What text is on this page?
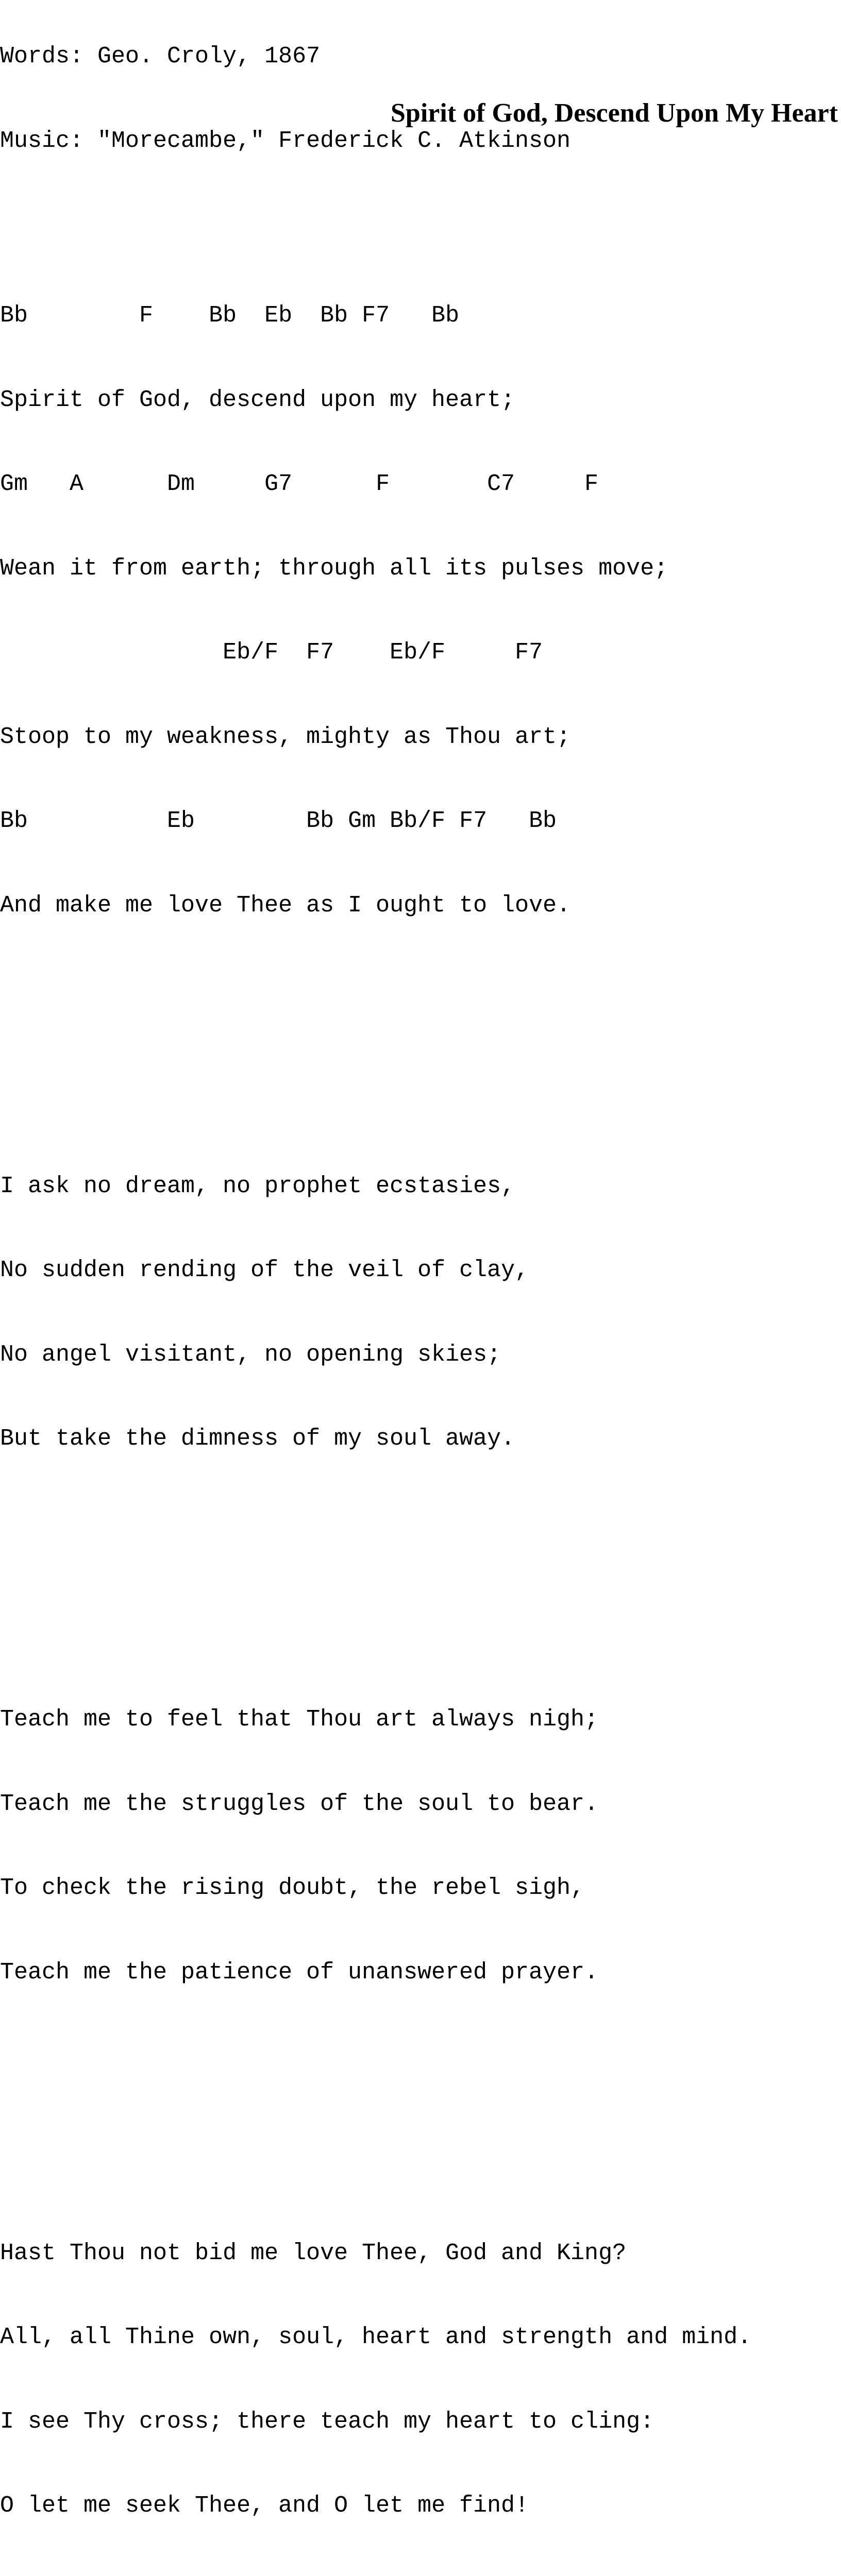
Words: Geo. Croly, 1867

Music: "Morecambe," Frederick C. Atkinson

Spirit of God, Descend Upon My Heart

Bb        F    Bb  Eb  Bb F7   Bb

Spirit of God, descend upon my heart;

Gm   A      Dm     G7      F       C7     F

Wean it from earth; through all its pulses move;

Eb/F  F7    Eb/F     F7

Stoop to my weakness, mighty as Thou art;

Bb          Eb        Bb Gm Bb/F F7   Bb

And make me love Thee as I ought to love.

I ask no dream, no prophet ecstasies,

No sudden rending of the veil of clay,

No angel visitant, no opening skies;

But take the dimness of my soul away.

Teach me to feel that Thou art always nigh;

Teach me the struggles of the soul to bear.

To check the rising doubt, the rebel sigh,

Teach me the patience of unanswered prayer.

Hast Thou not bid me love Thee, God and King?

All, all Thine own, soul, heart and strength and mind.

I see Thy cross; there teach my heart to cling:

O let me seek Thee, and O let me find!
